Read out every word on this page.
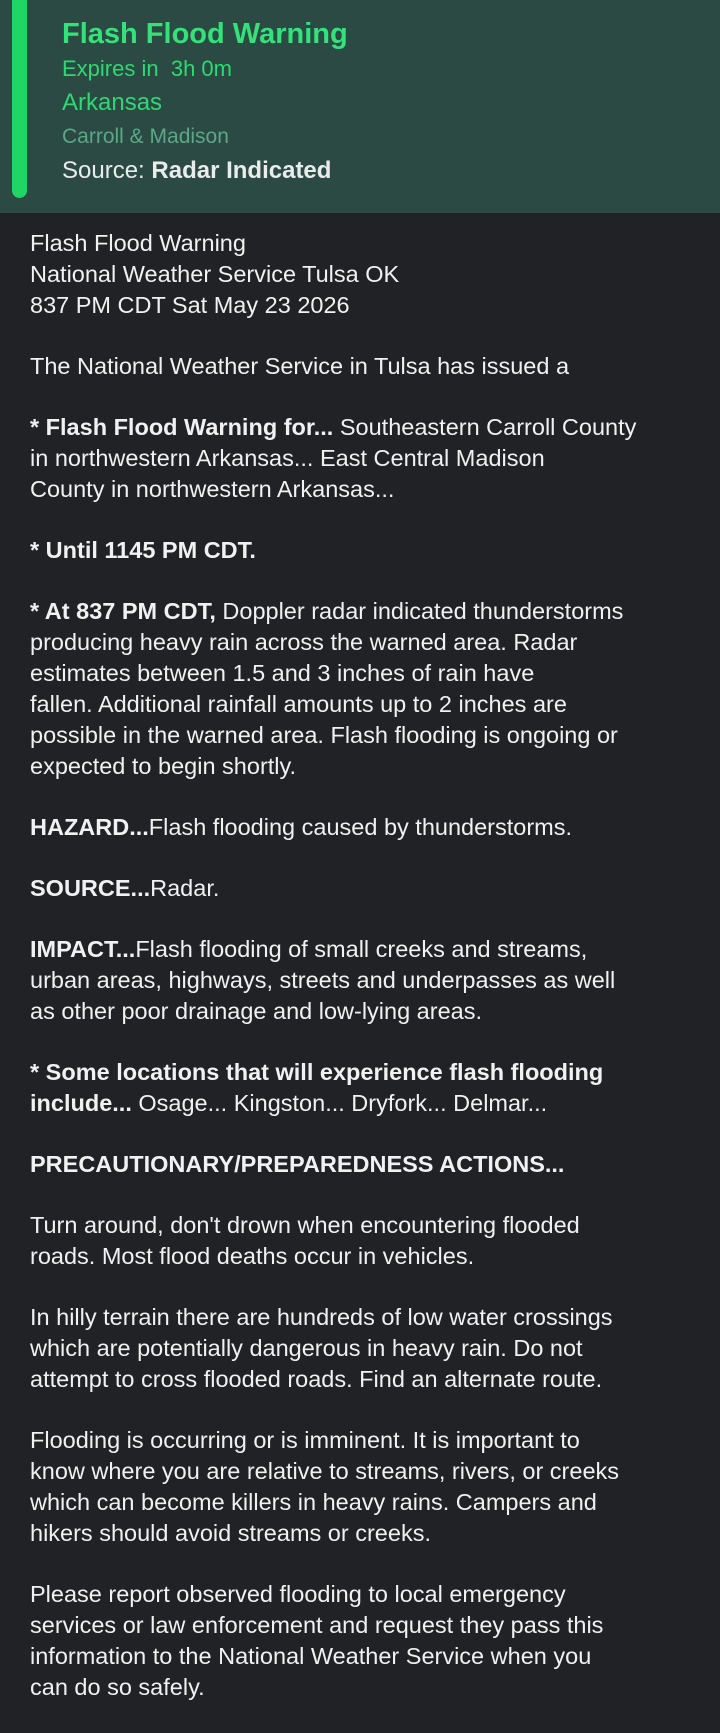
Flash Flood Warning
Expires in 3h 0m
Arkansas
Carroll & Madison
Source: Radar Indicated
Flash Flood Warning
National Weather Service Tulsa OK
837 PM CDT Sat May 23 2026
The National Weather Service in Tulsa has issued a
* Flash Flood Warning for... Southeastern Carroll County
in northwestern Arkansas... East Central Madison
County in northwestern Arkansas...
* Until 1145 PM CDT.
* At 837 PM CDT, Doppler radar indicated thunderstorms
producing heavy rain across the warned area. Radar
estimates between 1.5 and 3 inches of rain have
fallen. Additional rainfall amounts up to 2 inches are
possible in the warned area. Flash flooding is ongoing or
expected to begin shortly.
HAZARD...Flash flooding caused by thunderstorms.
SOURCE...Radar.
IMPACT...Flash flooding of small creeks and streams,
urban areas, highways, streets and underpasses as well
as other poor drainage and low-lying areas.
* Some locations that will experience flash flooding
include... Osage... Kingston... Dryfork... Delmar...
PRECAUTIONARY/PREPAREDNESS ACTIONS...
Turn around, don't drown when encountering flooded
roads. Most flood deaths occur in vehicles.
In hilly terrain there are hundreds of low water crossings
which are potentially dangerous in heavy rain. Do not
attempt to cross flooded roads. Find an alternate route.
Flooding is occurring or is imminent. It is important to
know where you are relative to streams, rivers, or creeks
which can become killers in heavy rains. Campers and
hikers should avoid streams or creeks.
Please report observed flooding to local emergency
services or law enforcement and request they pass this
information to the National Weather Service when you
can do so safely.
